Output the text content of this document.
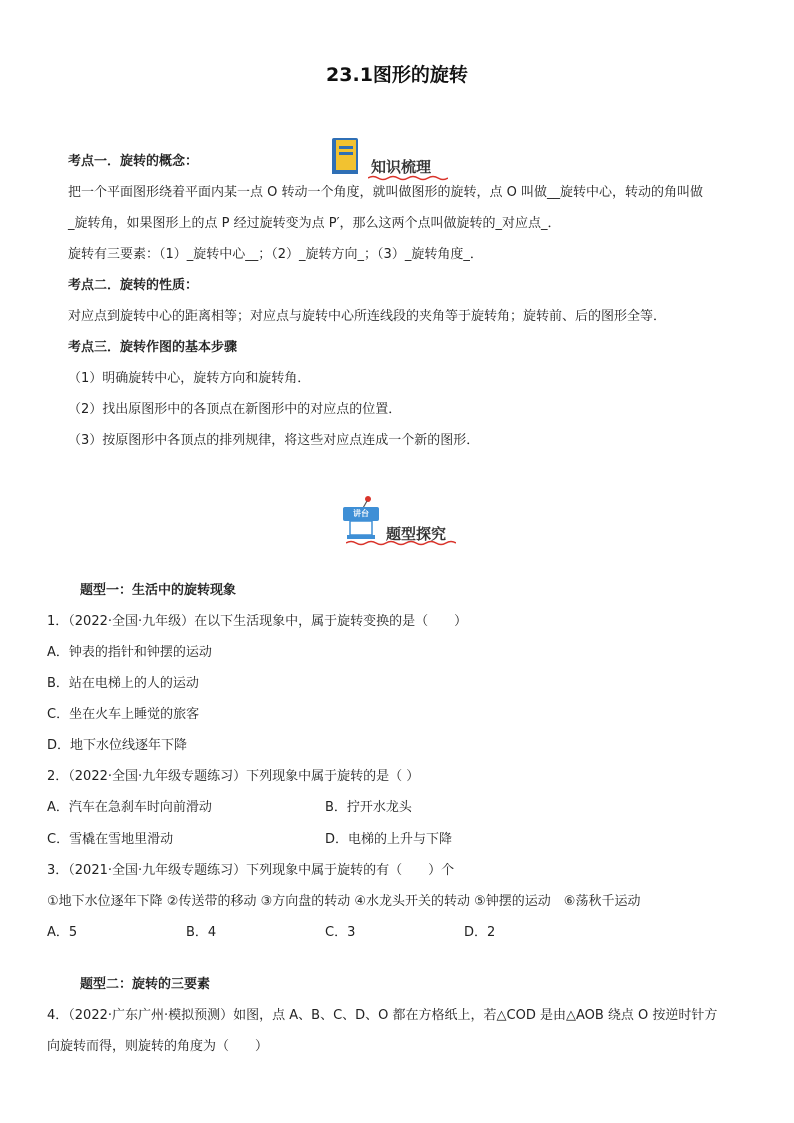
23.1图形的旋转
知识梳理
考点一．旋转的概念：
把一个平面图形绕着平面内某一点 O 转动一个角度，就叫做图形的旋转，点 O 叫做__旋转中心，转动的角叫做
_旋转角，如果图形上的点 P 经过旋转变为点 P′，那么这两个点叫做旋转的_对应点_．
旋转有三要素：（1）_旋转中心__；（2）_旋转方向_；（3）_旋转角度_．
考点二．旋转的性质：
对应点到旋转中心的距离相等；对应点与旋转中心所连线段的夹角等于旋转角；旋转前、后的图形全等．
考点三．旋转作图的基本步骤
（1）明确旋转中心，旋转方向和旋转角．
（2）找出原图形中的各顶点在新图形中的对应点的位置．
（3）按原图形中各顶点的排列规律，将这些对应点连成一个新的图形．
讲台
题型探究
题型一：生活中的旋转现象
1．（2022·全国·九年级）在以下生活现象中，属于旋转变换的是（　　）
A．钟表的指针和钟摆的运动
B．站在电梯上的人的运动
C．坐在火车上睡觉的旅客
D．地下水位线逐年下降
2．（2022·全国·九年级专题练习）下列现象中属于旋转的是（ ）
A．汽车在急刹车时向前滑动	B．拧开水龙头
C．雪橇在雪地里滑动	D．电梯的上升与下降
3．（2021·全国·九年级专题练习）下列现象中属于旋转的有（　　）个
①地下水位逐年下降 ②传送带的移动 ③方向盘的转动 ④水龙头开关的转动 ⑤钟摆的运动　⑥荡秋千运动
A．5	B．4	C．3	D．2
题型二：旋转的三要素
4．（2022·广东广州·模拟预测）如图，点 A、B、C、D、O 都在方格纸上，若△COD 是由△AOB 绕点 O 按逆时针方
向旋转而得，则旋转的角度为（　　）
